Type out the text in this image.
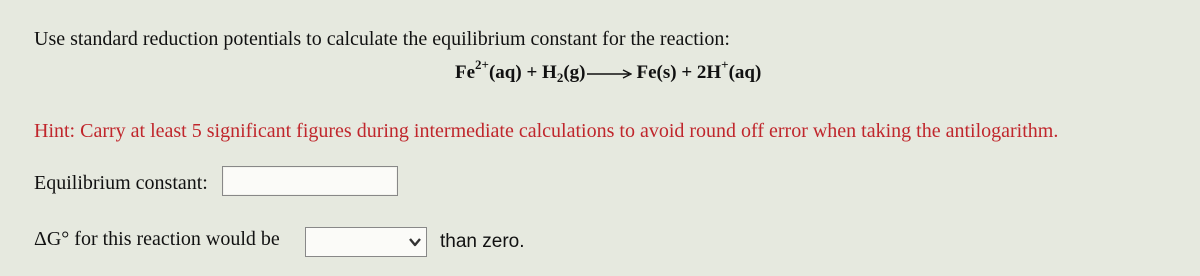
Use standard reduction potentials to calculate the equilibrium constant for the reaction:
$Fe^{2+}(aq) + H_2(g)$	Fe(s) + 2H+(aq)
Hint: Carry at least 5 significant figures during intermediate calculations to avoid round off error when taking the antilogarithm.
Equilibrium constant:
ΔG° for this reaction would be	than zero.
